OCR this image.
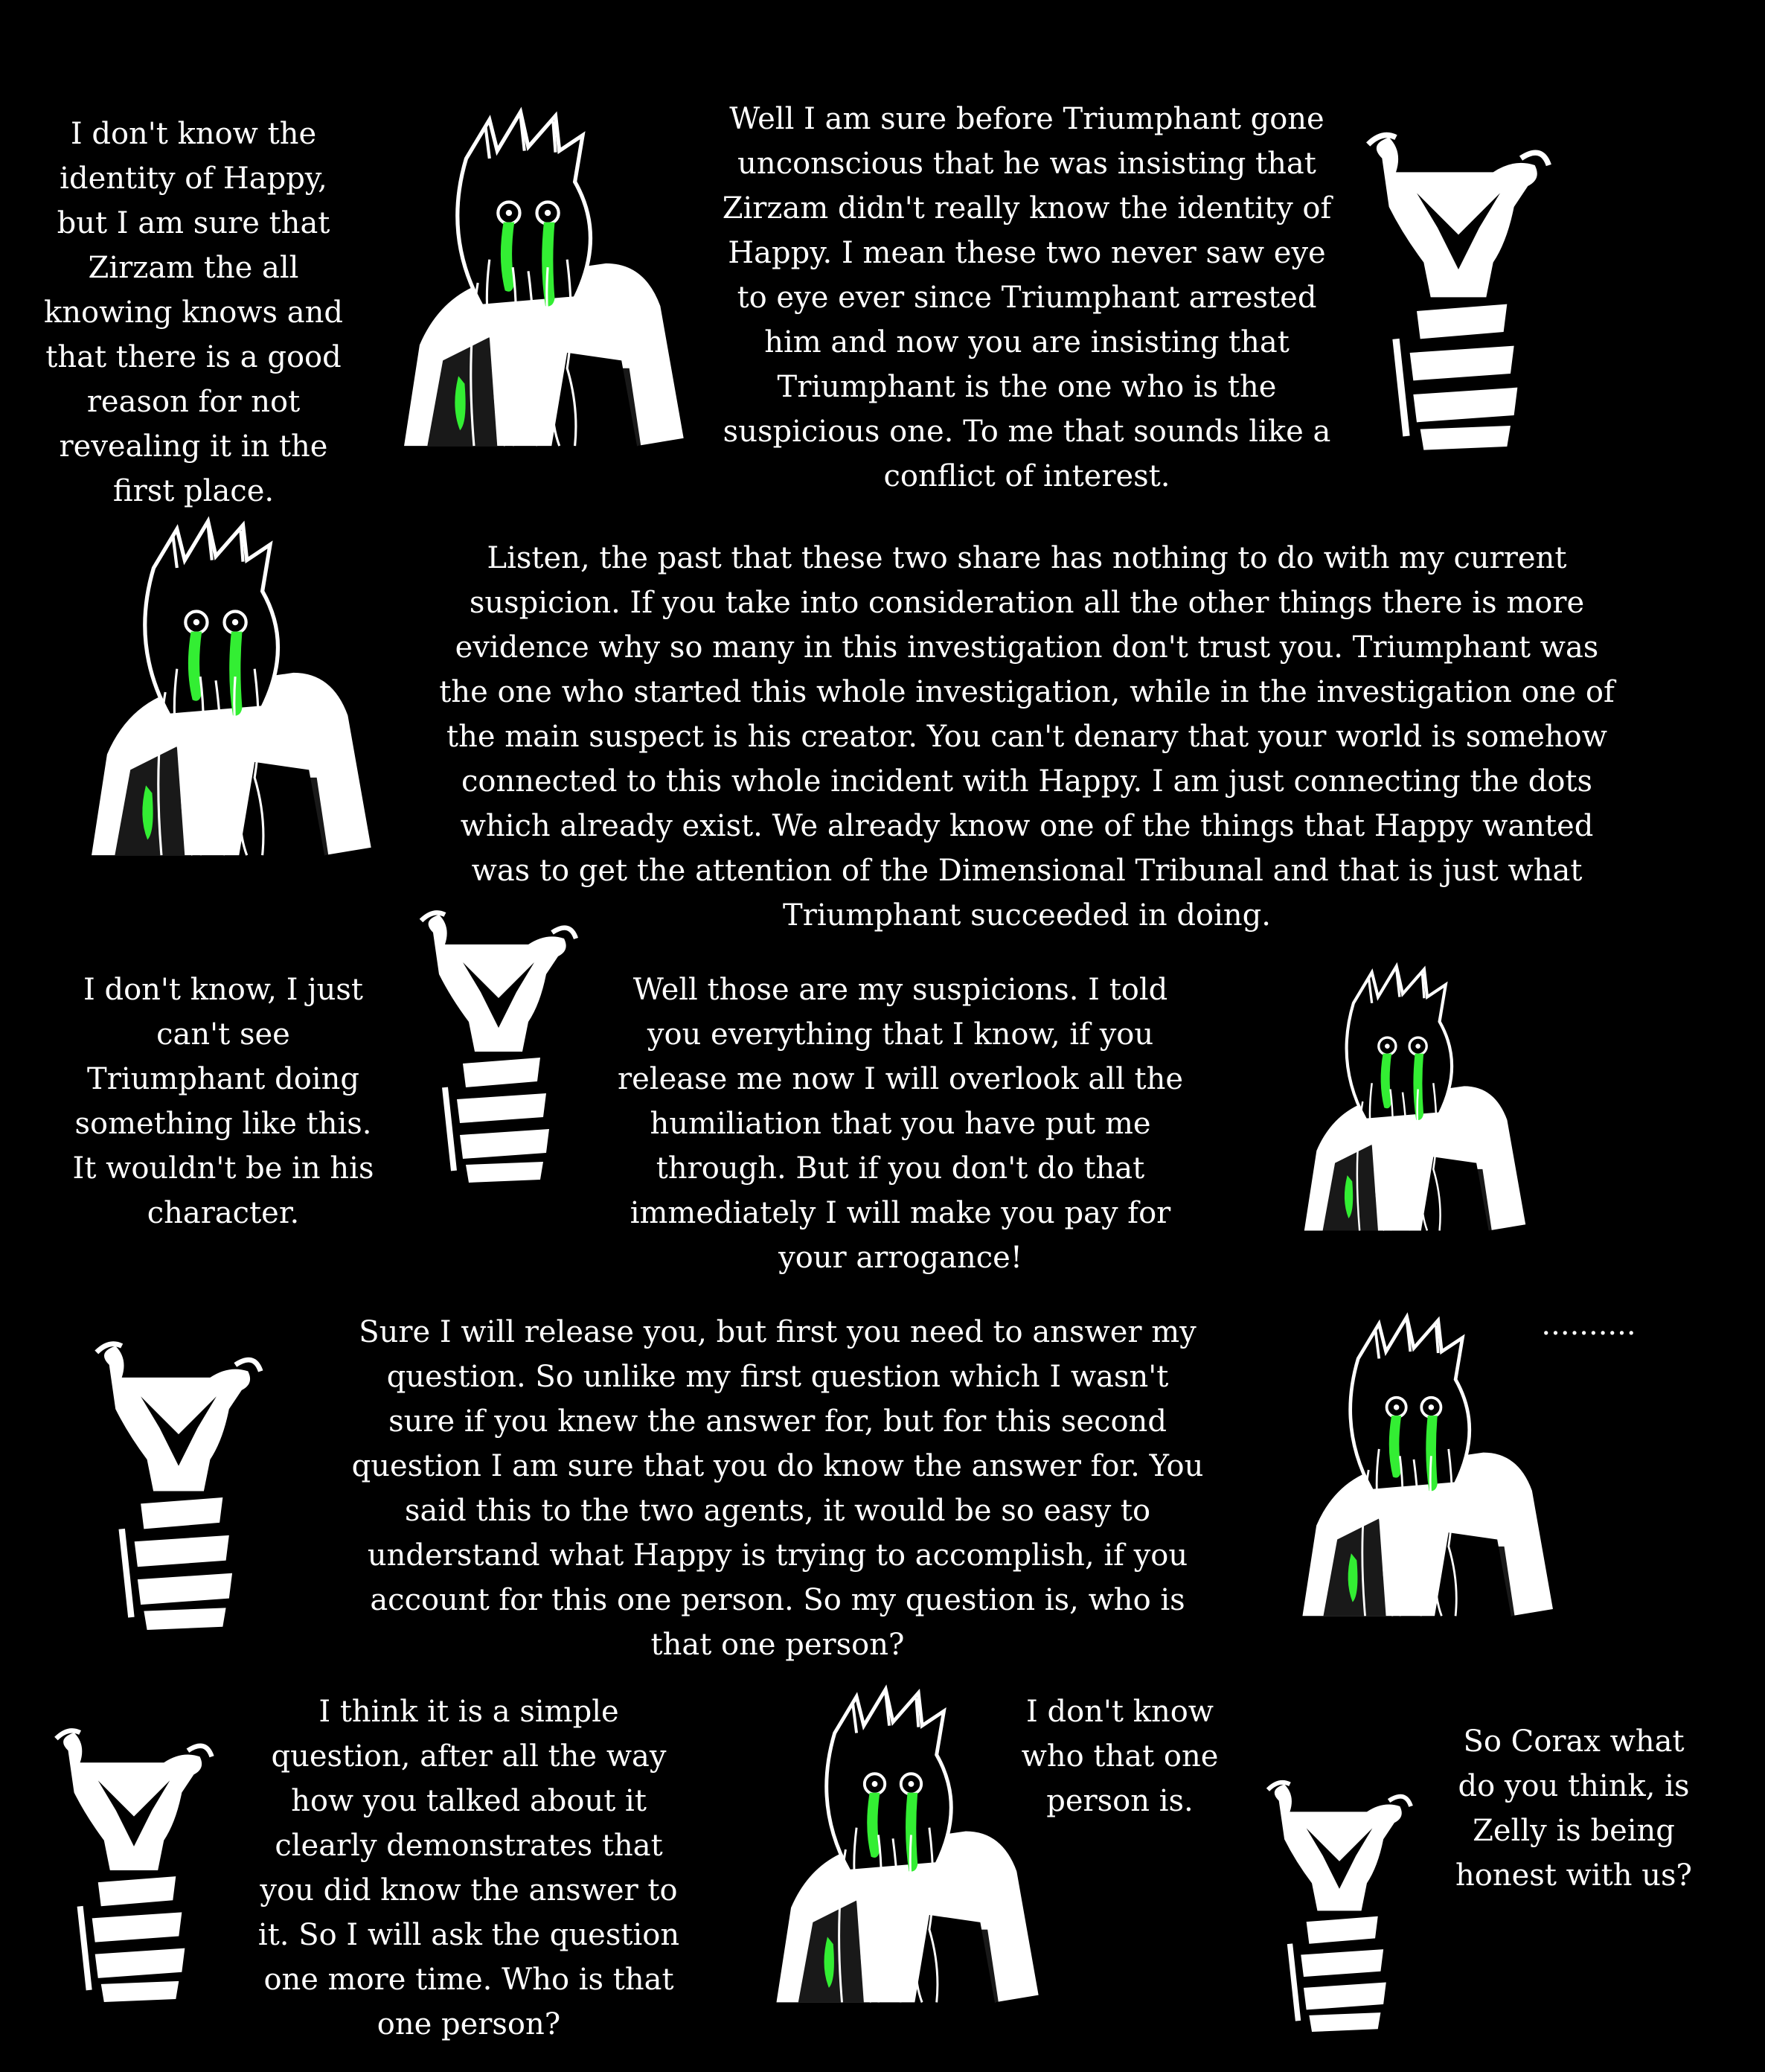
I don't know the identity of Happy, but I am sure that Zirzam the all knowing knows and that there is a good reason for not revealing it in the first place.
Well I am sure before Triumphant gone unconscious that he was insisting that Zirzam didn't really know the identity of Happy. I mean these two never saw eye to eye ever since Triumphant arrested him and now you are insisting that Triumphant is the one who is the suspicious one. To me that sounds like a conflict of interest.
Listen, the past that these two share has nothing to do with my current suspicion. If you take into consideration all the other things there is more evidence why so many in this investigation don't trust you. Triumphant was the one who started this whole investigation, while in the investigation one of the main suspect is his creator. You can't denary that your world is somehow connected to this whole incident with Happy. I am just connecting the dots which already exist. We already know one of the things that Happy wanted was to get the attention of the Dimensional Tribunal and that is just what Triumphant succeeded in doing.
I don't know, I just can't see Triumphant doing something like this. It wouldn't be in his character.
Well those are my suspicions. I told you everything that I know, if you release me now I will overlook all the humiliation that you have put me through. But if you don't do that immediately I will make you pay for your arrogance!
Sure I will release you, but first you need to answer my question. So unlike my first question which I wasn't sure if you knew the answer for, but for this second question I am sure that you do know the answer for. You said this to the two agents, it would be so easy to understand what Happy is trying to accomplish, if you account for this one person. So my question is, who is that one person?
..........
I think it is a simple question, after all the way how you talked about it clearly demonstrates that you did know the answer to it. So I will ask the question one more time. Who is that one person?
I don't know who that one person is.
So Corax what do you think, is Zelly is being honest with us?
